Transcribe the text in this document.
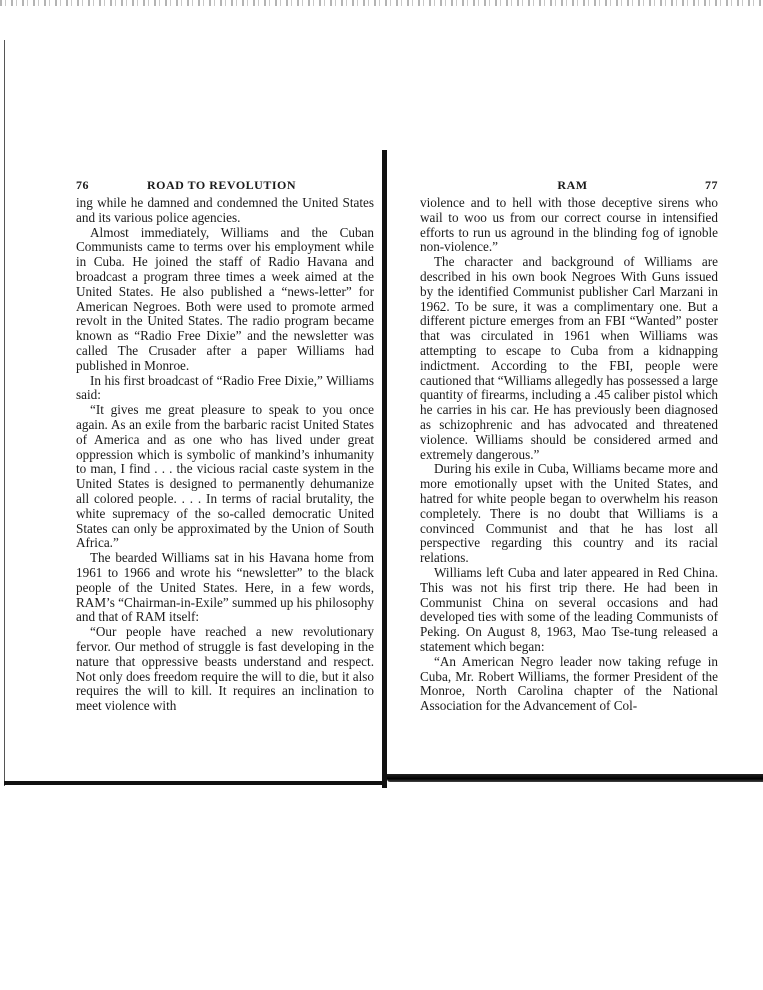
76	ROAD TO REVOLUTION

ing while he damned and condemned the United States and its various police agencies.

Almost immediately, Williams and the Cuban Communists came to terms over his employment while in Cuba. He joined the staff of Radio Havana and broadcast a program three times a week aimed at the United States. He also published a “news-letter” for American Negroes. Both were used to promote armed revolt in the United States. The radio program became known as “Radio Free Dixie” and the newsletter was called The Crusader after a paper Williams had published in Monroe.

In his first broadcast of “Radio Free Dixie,” Williams said:

“It gives me great pleasure to speak to you once again. As an exile from the barbaric racist United States of America and as one who has lived under great oppression which is symbolic of mankind’s inhumanity to man, I find . . . the vicious racial caste system in the United States is designed to permanently dehumanize all colored people. . . . In terms of racial brutality, the white supremacy of the so-called democratic United States can only be approximated by the Union of South Africa.”

The bearded Williams sat in his Havana home from 1961 to 1966 and wrote his “newsletter” to the black people of the United States. Here, in a few words, RAM’s “Chairman-in-Exile” summed up his philosophy and that of RAM itself:

“Our people have reached a new revolutionary fervor. Our method of struggle is fast developing in the nature that oppressive beasts understand and respect. Not only does freedom require the will to die, but it also requires the will to kill. It requires an inclination to meet violence with

RAM	77

violence and to hell with those deceptive sirens who wail to woo us from our correct course in intensified efforts to run us aground in the blinding fog of ignoble non-violence.”

The character and background of Williams are described in his own book Negroes With Guns issued by the identified Communist publisher Carl Marzani in 1962. To be sure, it was a complimentary one. But a different picture emerges from an FBI “Wanted” poster that was circulated in 1961 when Williams was attempting to escape to Cuba from a kidnapping indictment. According to the FBI, people were cautioned that “Williams allegedly has possessed a large quantity of firearms, including a .45 caliber pistol which he carries in his car. He has previously been diagnosed as schizophrenic and has advocated and threatened violence. Williams should be considered armed and extremely dangerous.”

During his exile in Cuba, Williams became more and more emotionally upset with the United States, and hatred for white people began to overwhelm his reason completely. There is no doubt that Williams is a convinced Communist and that he has lost all perspective regarding this country and its racial relations.

Williams left Cuba and later appeared in Red China. This was not his first trip there. He had been in Communist China on several occasions and had developed ties with some of the leading Communists of Peking. On August 8, 1963, Mao Tse-tung released a statement which began:

“An American Negro leader now taking refuge in Cuba, Mr. Robert Williams, the former President of the Monroe, North Carolina chapter of the National Association for the Advancement of Col-
